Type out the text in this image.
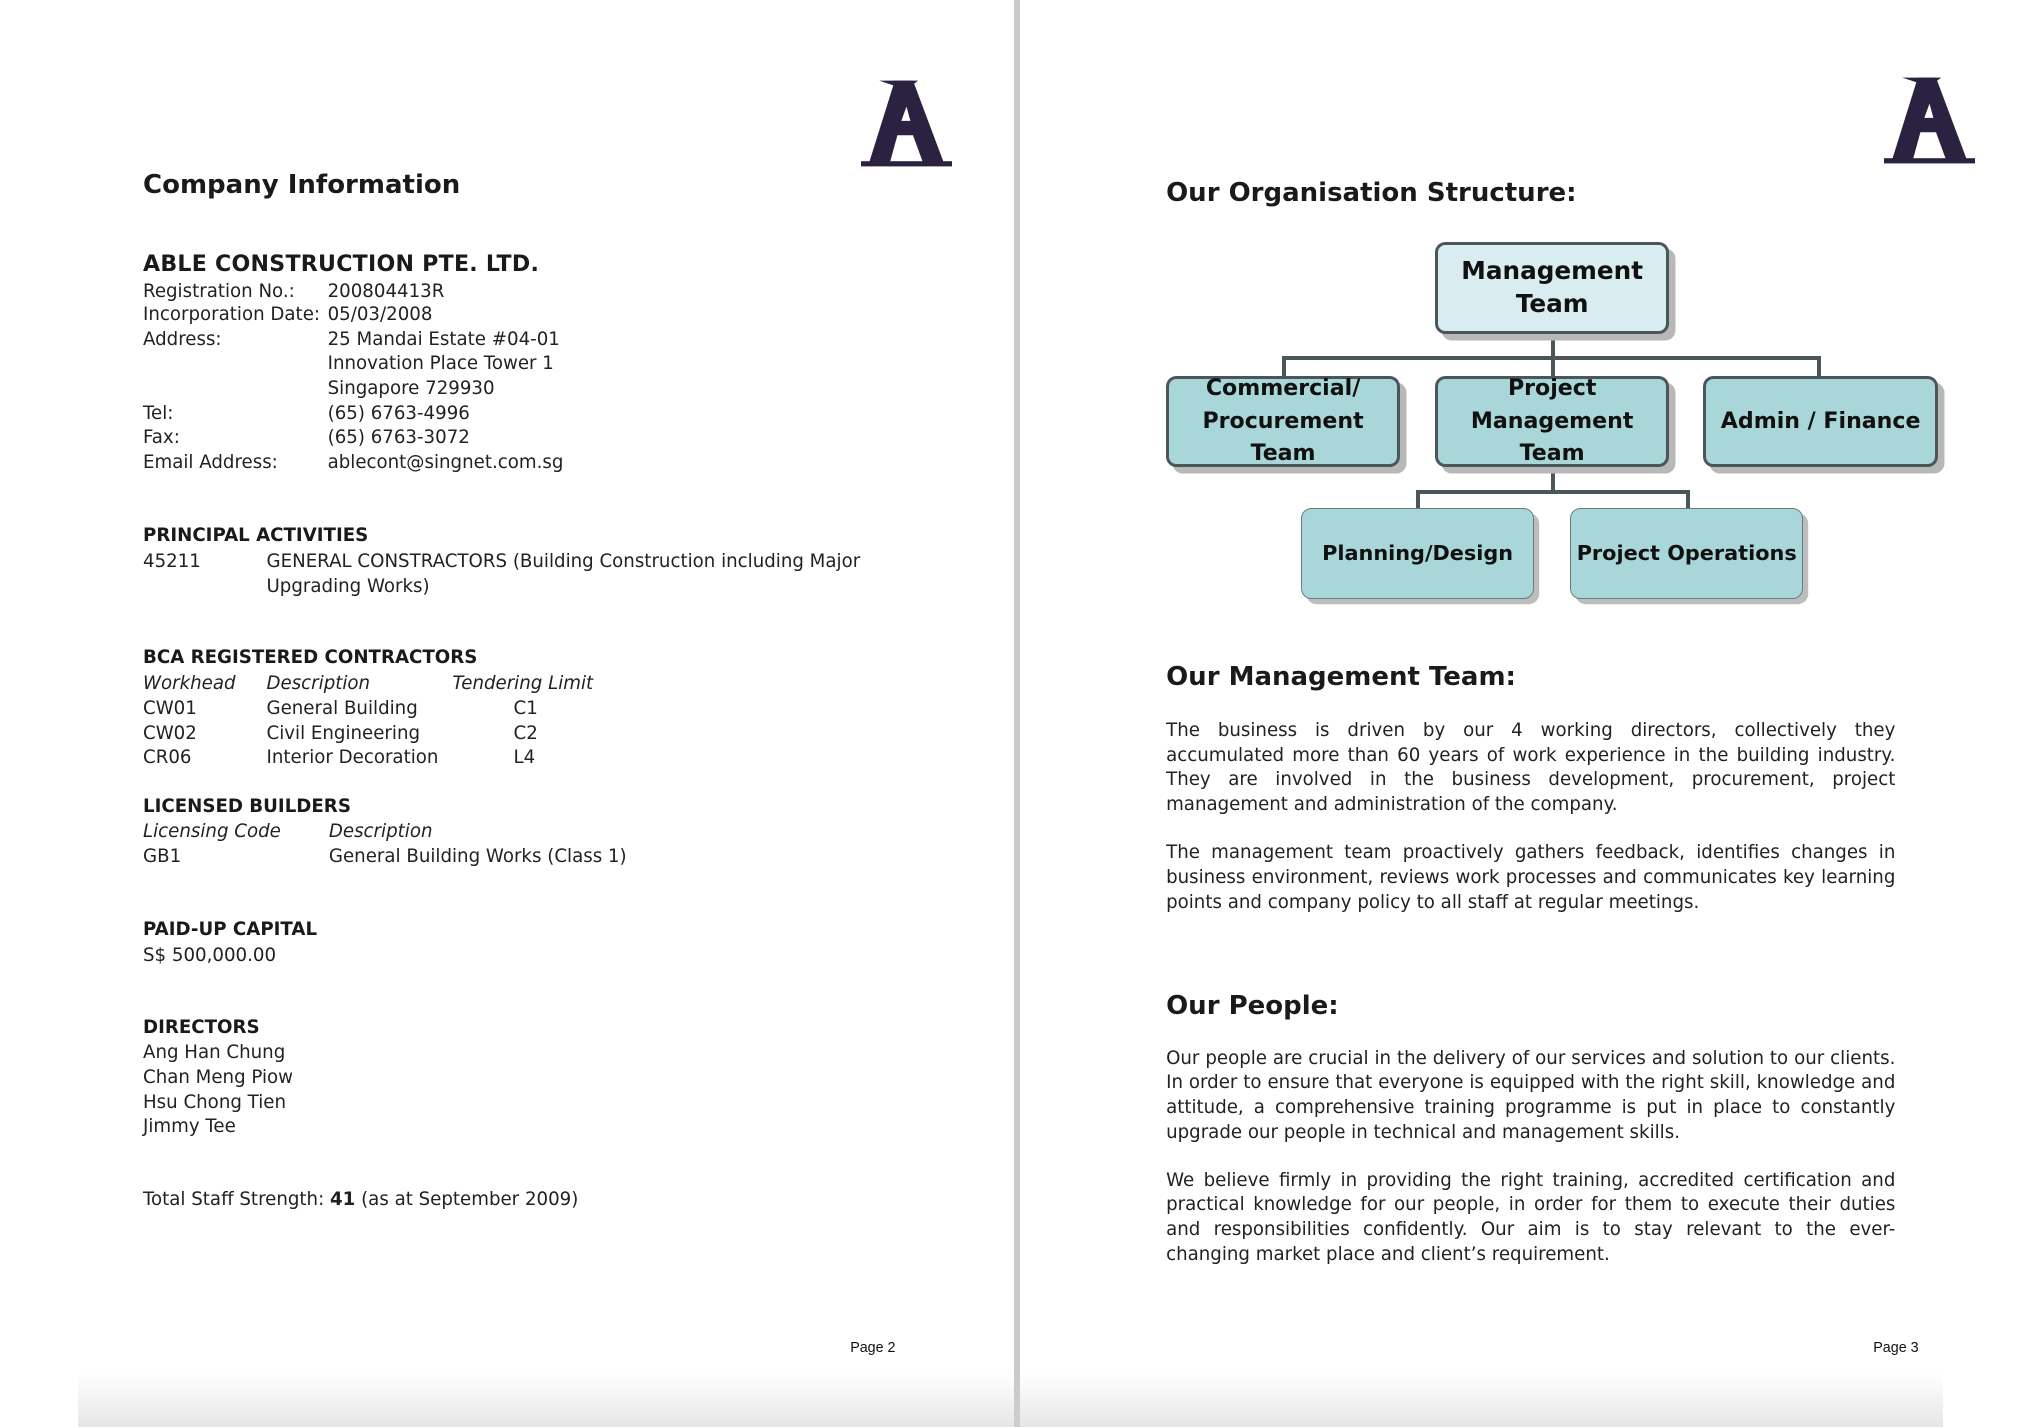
Company Information
ABLE CONSTRUCTION PTE. LTD.
Registration No.: 200804413R
Incorporation Date: 05/03/2008
Address:	25 Mandai Estate #04-01
Innovation Place Tower 1
Singapore 729930
Tel:	(65) 6763-4996
Fax:	(65) 6763-3072
Email Address:	ablecont@singnet.com.sg
PRINCIPAL ACTIVITIES
45211	GENERAL CONSTRACTORS (Building Construction including Major
Upgrading Works)
BCA REGISTERED CONTRACTORS
Workhead Description	Tendering Limit
CW01	General Building	C1
CW02	Civil Engineering	C2
CR06	Interior Decoration	L4
LICENSED BUILDERS
Licensing Code	Description
GB1	General Building Works (Class 1)
PAID-UP CAPITAL
S$ 500,000.00
DIRECTORS
Ang Han Chung
Chan Meng Piow
Hsu Chong Tien
Jimmy Tee
Total Staff Strength: 41 (as at September 2009)
Page 2
Our Organisation Structure:
Management
Team
Commercial/
Procurement Team
Project
Management Team
Admin / Finance
Planning/Design	Project Operations
Our Management Team:
The business is driven by our 4 working directors, collectively they accumulated more than 60 years of work experience in the building industry. They are involved in the business development, procurement, project management and administration of the company.
The management team proactively gathers feedback, identifies changes in business environment, reviews work processes and communicates key learning points and company policy to all staff at regular meetings.
Our People:
Our people are crucial in the delivery of our services and solution to our clients. In order to ensure that everyone is equipped with the right skill, knowledge and attitude, a comprehensive training programme is put in place to constantly upgrade our people in technical and management skills.
We believe firmly in providing the right training, accredited certification and practical knowledge for our people, in order for them to execute their duties and responsibilities confidently. Our aim is to stay relevant to the ever-changing market place and client’s requirement.
Page 3
